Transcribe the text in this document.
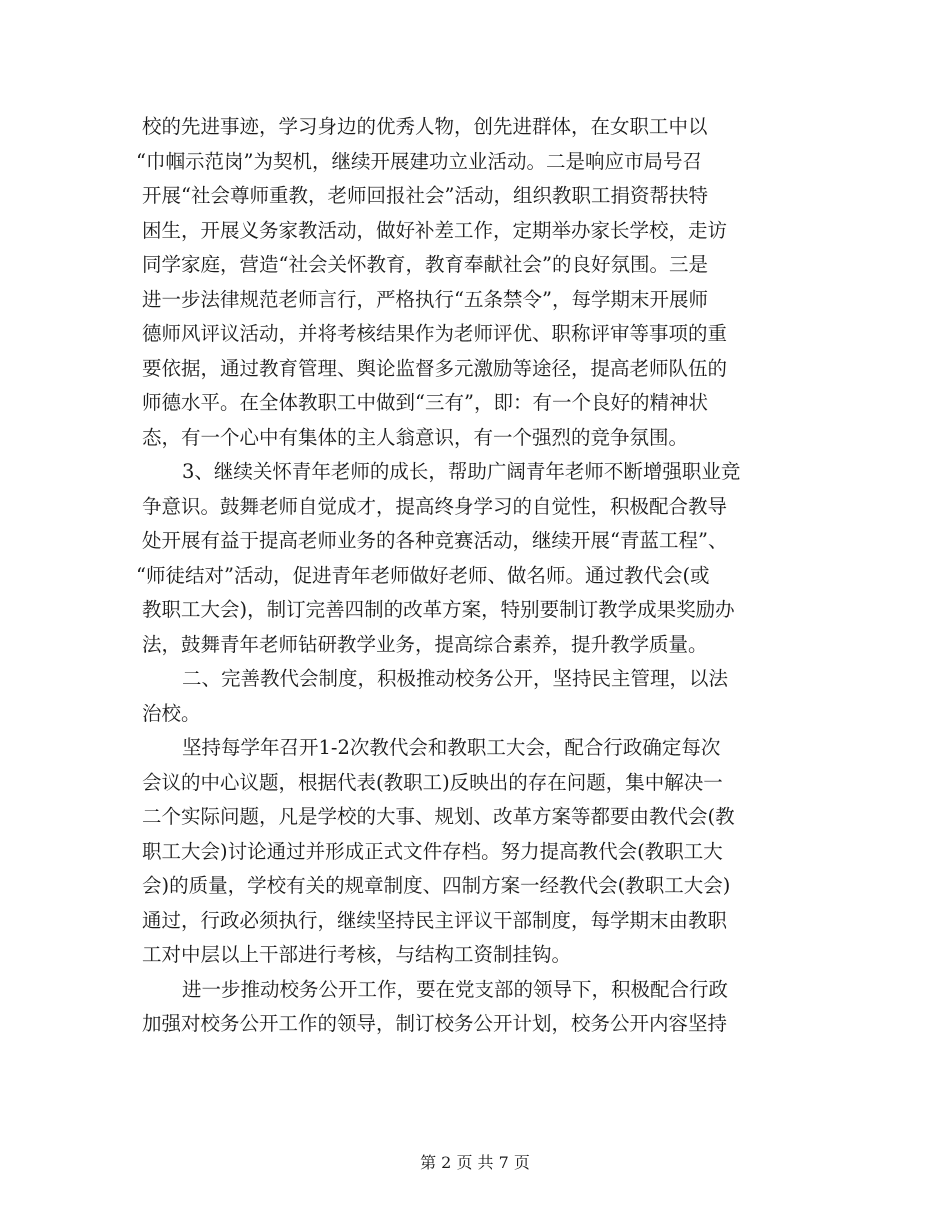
校的先进事迹，学习身边的优秀人物，创先进群体，在女职工中以
“巾帼示范岗”为契机，继续开展建功立业活动。二是响应市局号召
开展“社会尊师重教，老师回报社会”活动，组织教职工捐资帮扶特
困生，开展义务家教活动，做好补差工作，定期举办家长学校，走访
同学家庭，营造“社会关怀教育，教育奉献社会”的良好氛围。三是
进一步法律规范老师言行，严格执行“五条禁令”，每学期末开展师
德师风评议活动，并将考核结果作为老师评优、职称评审等事项的重
要依据，通过教育管理、舆论监督多元激励等途径，提高老师队伍的
师德水平。在全体教职工中做到“三有”，即：有一个良好的精神状
态，有一个心中有集体的主人翁意识，有一个强烈的竞争氛围。
3、继续关怀青年老师的成长，帮助广阔青年老师不断增强职业竞
争意识。鼓舞老师自觉成才，提高终身学习的自觉性，积极配合教导
处开展有益于提高老师业务的各种竞赛活动，继续开展“青蓝工程”、
“师徒结对”活动，促进青年老师做好老师、做名师。通过教代会(或
教职工大会)，制订完善四制的改革方案，特别要制订教学成果奖励办
法，鼓舞青年老师钻研教学业务，提高综合素养，提升教学质量。
二、完善教代会制度，积极推动校务公开，坚持民主管理，以法
治校。
坚持每学年召开1-2次教代会和教职工大会，配合行政确定每次
会议的中心议题，根据代表(教职工)反映出的存在问题，集中解决一
二个实际问题，凡是学校的大事、规划、改革方案等都要由教代会(教
职工大会)讨论通过并形成正式文件存档。努力提高教代会(教职工大
会)的质量，学校有关的规章制度、四制方案一经教代会(教职工大会)
通过，行政必须执行，继续坚持民主评议干部制度，每学期末由教职
工对中层以上干部进行考核，与结构工资制挂钩。
进一步推动校务公开工作，要在党支部的领导下，积极配合行政
加强对校务公开工作的领导，制订校务公开计划，校务公开内容坚持
第 2 页 共 7 页
